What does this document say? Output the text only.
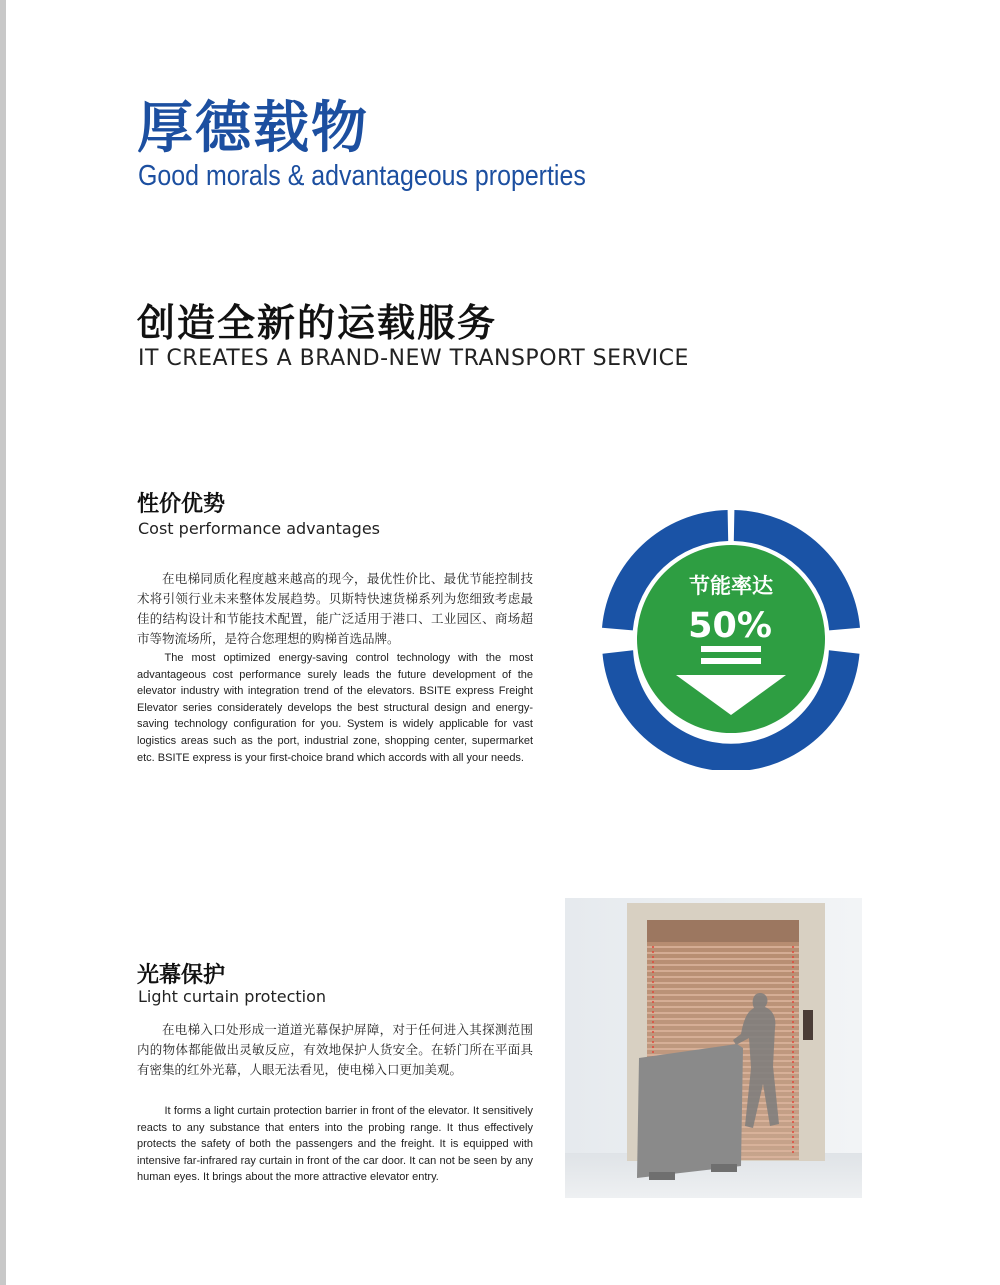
厚德载物
Good morals & advantageous properties
创造全新的运载服务
IT CREATES A BRAND-NEW TRANSPORT SERVICE
性价优势
Cost performance advantages
在电梯同质化程度越来越高的现今，最优性价比、最优节能控制技术将引领行业未来整体发展趋势。贝斯特快速货梯系列为您细致考虑最佳的结构设计和节能技术配置，能广泛适用于港口、工业园区、商场超市等物流场所，是符合您理想的购梯首选品牌。
The most optimized energy-saving control technology with the most advantageous cost performance surely leads the future development of the elevator industry with integration trend of the elevators. BSITE express Freight Elevator series considerately develops the best structural design and energy-saving technology configuration for you. System is widely applicable for vast logistics areas such as the port, industrial zone, shopping center, supermarket etc. BSITE express is your first-choice brand which accords with all your needs.
节能率达
50%
光幕保护
Light curtain protection
在电梯入口处形成一道道光幕保护屏障，对于任何进入其探测范围内的物体都能做出灵敏反应，有效地保护人货安全。在轿门所在平面具有密集的红外光幕，人眼无法看见，使电梯入口更加美观。
It forms a light curtain protection barrier in front of the elevator. It sensitively reacts to any substance that enters into the probing range. It thus effectively protects the safety of both the passengers and the freight. It is equipped with intensive far-infrared ray curtain in front of the car door. It can not be seen by any human eyes. It brings about the more attractive elevator entry.
